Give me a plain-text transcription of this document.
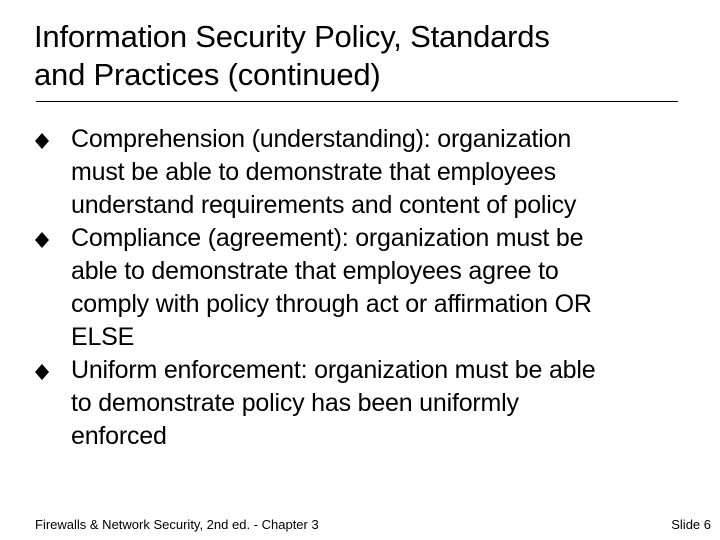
Information Security Policy, Standards
and Practices (continued)
Comprehension (understanding): organization
must be able to demonstrate that employees
understand requirements and content of policy
Compliance (agreement): organization must be
able to demonstrate that employees agree to
comply with policy through act or affirmation OR
ELSE
Uniform enforcement: organization must be able
to demonstrate policy has been uniformly
enforced
Firewalls & Network Security, 2nd ed. - Chapter 3	Slide 6
